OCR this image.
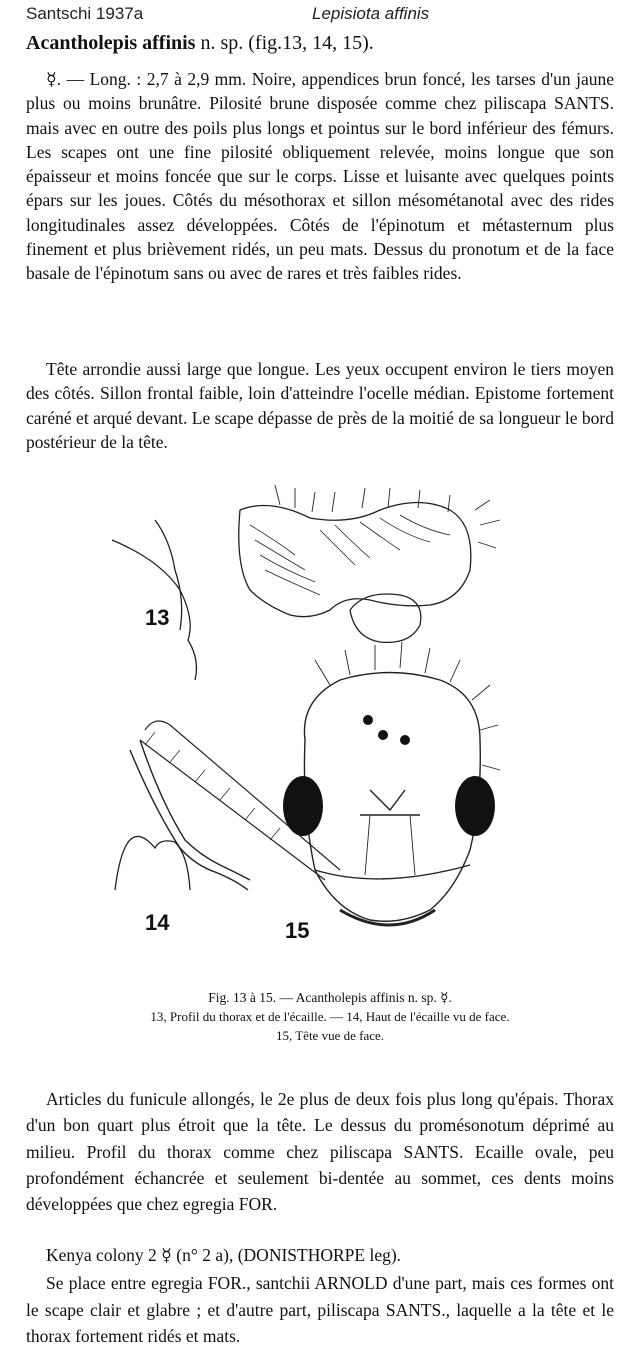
Santschi 1937a	Lepisiota affinis
Acantholepis affinis n. sp. (fig.13, 14, 15).

☿. — Long. : 2,7 à 2,9 mm. Noire, appendices brun foncé, les tarses d'un jaune plus ou moins brunâtre. Pilosité brune disposée comme chez piliscapa SANTS. mais avec en outre des poils plus longs et pointus sur le bord inférieur des fémurs. Les scapes ont une fine pilosité obliquement relevée, moins longue que son épaisseur et moins foncée que sur le corps. Lisse et luisante avec quelques points épars sur les joues. Côtés du mésothorax et sillon mésométanotal avec des rides longitudinales assez développées. Côtés de l'épinotum et métasternum plus finement et plus brièvement ridés, un peu mats. Dessus du pronotum et de la face basale de l'épinotum sans ou avec de rares et très faibles rides.

Tête arrondie aussi large que longue. Les yeux occupent environ le tiers moyen des côtés. Sillon frontal faible, loin d'atteindre l'ocelle médian. Epistome fortement caréné et arqué devant. Le scape dépasse de près de la moitié de sa longueur le bord postérieur de la tête.

13
14	15
Fig. 13 à 15. — Acantholepis affinis n. sp. ☿.
13, Profil du thorax et de l'écaille. — 14, Haut de l'écaille vu de face.
15, Tête vue de face.

Articles du funicule allongés, le 2e plus de deux fois plus long qu'épais. Thorax d'un bon quart plus étroit que la tête. Le dessus du promésonotum déprimé au milieu. Profil du thorax comme chez piliscapa SANTS. Ecaille ovale, peu profondément échancrée et seulement bi-dentée au sommet, ces dents moins développées que chez egregia FOR.

Kenya colony 2 ☿ (n° 2 a), (DONISTHORPE leg).

Se place entre egregia FOR., santchii ARNOLD d'une part, mais ces formes ont le scape clair et glabre ; et d'autre part, piliscapa SANTS., laquelle a la tête et le thorax fortement ridés et mats.
